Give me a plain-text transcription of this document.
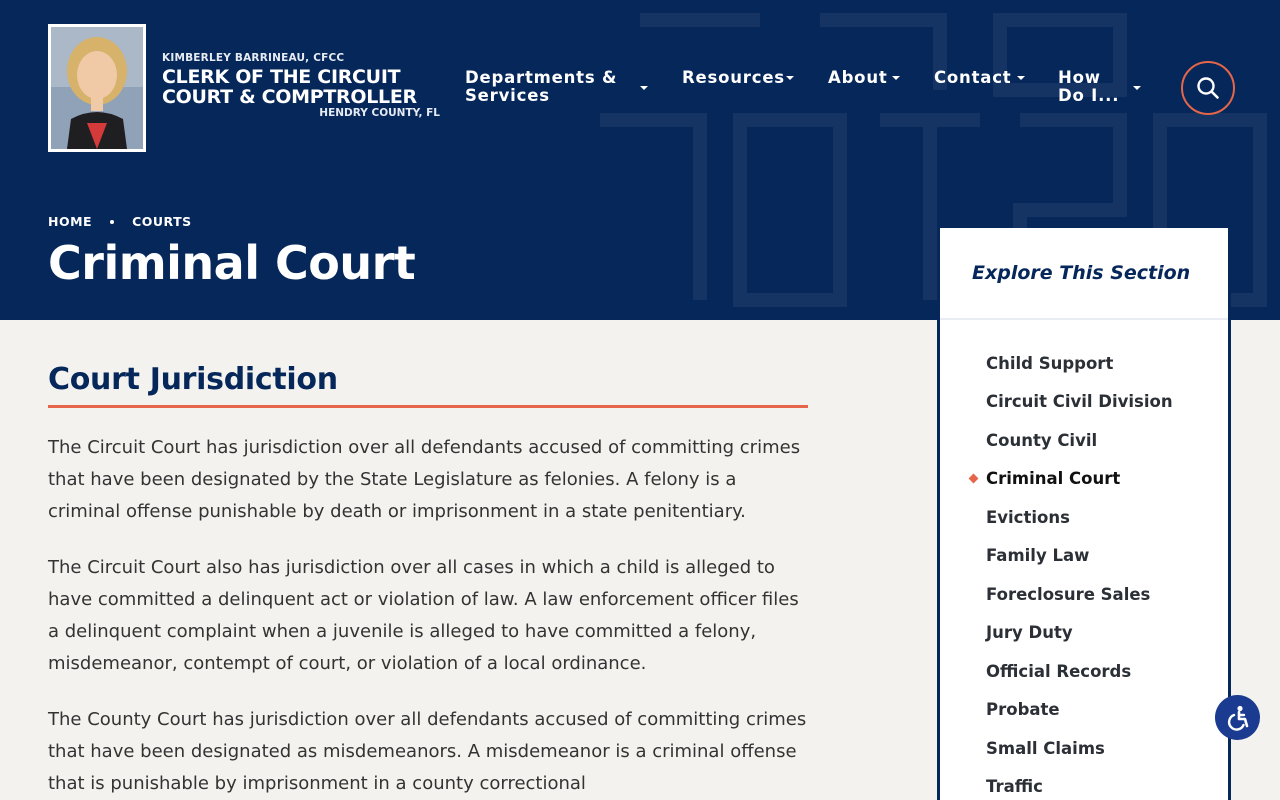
KIMBERLEY BARRINEAU, CFCC
CLERK OF THE CIRCUIT
COURT & COMPTROLLER
HENDRY COUNTY, FL
Departments &
Services
Resources	About	Contact	How
Do I...
HOME	COURTS
Criminal Court
Court Jurisdiction

The Circuit Court has jurisdiction over all defendants accused of committing crimes that have been designated by the State Legislature as felonies. A felony is a criminal offense punishable by death or imprisonment in a state penitentiary.

The Circuit Court also has jurisdiction over all cases in which a child is alleged to have committed a delinquent act or violation of law. A law enforcement officer files a delinquent complaint when a juvenile is alleged to have committed a felony, misdemeanor, contempt of court, or violation of a local ordinance.

The County Court has jurisdiction over all defendants accused of committing crimes that have been designated as misdemeanors. A misdemeanor is a criminal offense that is punishable by imprisonment in a county correctional

Explore This Section
Child Support
Circuit Civil Division
County Civil
Criminal Court
Evictions
Family Law
Foreclosure Sales
Jury Duty
Official Records
Probate
Small Claims
Traffic
